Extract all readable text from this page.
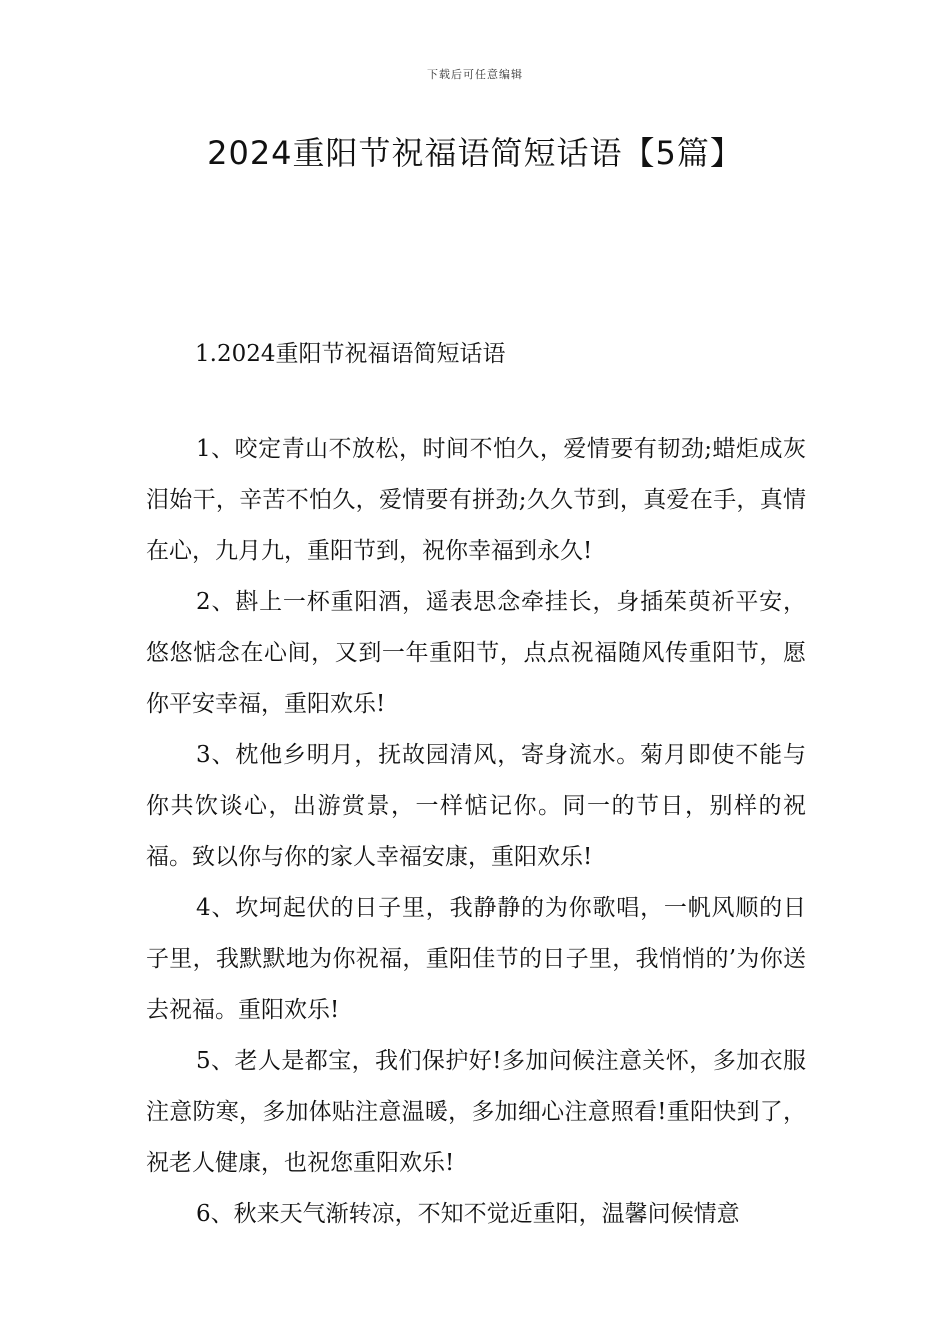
下载后可任意编辑
2024重阳节祝福语简短话语【5篇】
1.2024重阳节祝福语简短话语

1、咬定青山不放松，时间不怕久，爱情要有韧劲;蜡炬成灰泪始干，辛苦不怕久，爱情要有拼劲;久久节到，真爱在手，真情在心，九月九，重阳节到，祝你幸福到永久!

2、斟上一杯重阳酒，遥表思念牵挂长，身插茱萸祈平安，悠悠惦念在心间，又到一年重阳节，点点祝福随风传重阳节，愿你平安幸福，重阳欢乐!

3、枕他乡明月，抚故园清风，寄身流水。菊月即使不能与你共饮谈心，出游赏景，一样惦记你。同一的节日，别样的祝福。致以你与你的家人幸福安康，重阳欢乐!

4、坎坷起伏的日子里，我静静的为你歌唱，一帆风顺的日子里，我默默地为你祝福，重阳佳节的日子里，我悄悄的’为你送去祝福。重阳欢乐!

5、老人是都宝，我们保护好!多加问候注意关怀，多加衣服注意防寒，多加体贴注意温暖，多加细心注意照看!重阳快到了，祝老人健康，也祝您重阳欢乐!

6、秋来天气渐转凉，不知不觉近重阳，温馨问候情意
